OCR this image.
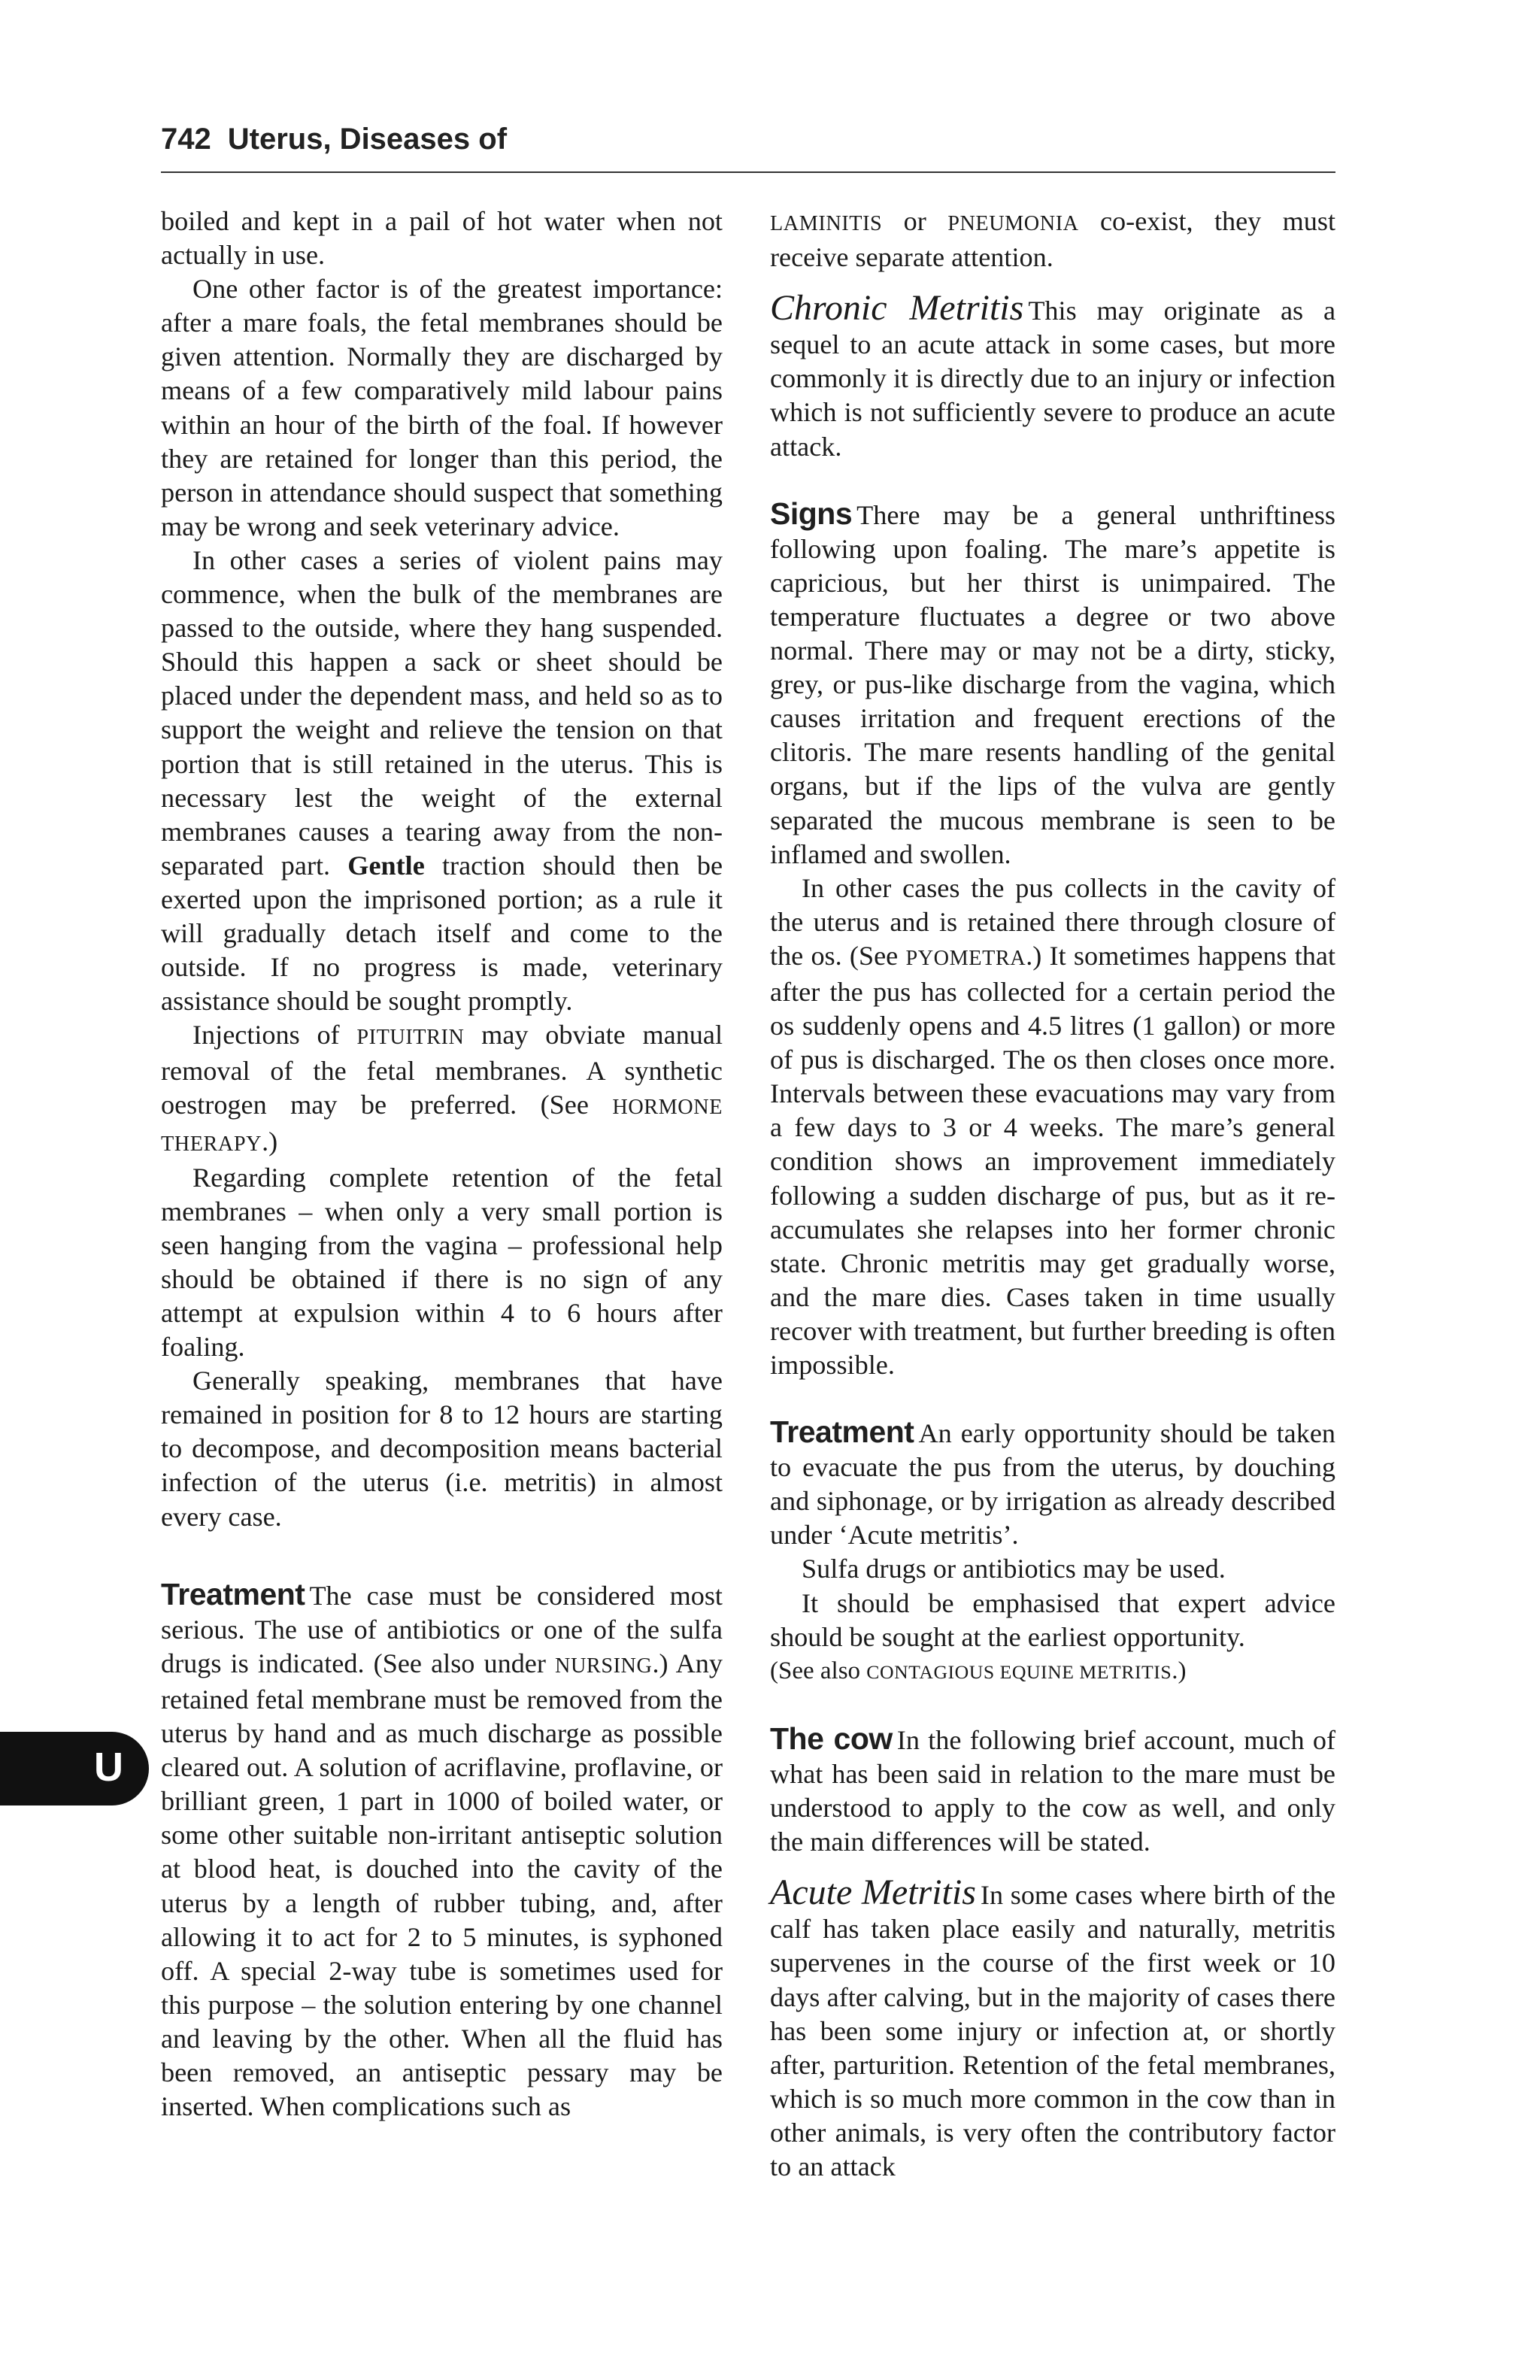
742 Uterus, Diseases of

boiled and kept in a pail of hot water when not actually in use.

One other factor is of the greatest importance: after a mare foals, the fetal membranes should be given attention. Normally they are discharged by means of a few comparatively mild labour pains within an hour of the birth of the foal. If however they are retained for longer than this period, the person in attendance should suspect that something may be wrong and seek veterinary advice.

In other cases a series of violent pains may commence, when the bulk of the membranes are passed to the outside, where they hang suspended. Should this happen a sack or sheet should be placed under the dependent mass, and held so as to support the weight and relieve the tension on that portion that is still retained in the uterus. This is necessary lest the weight of the external membranes causes a tearing away from the non-separated part. Gentle traction should then be exerted upon the imprisoned portion; as a rule it will gradually detach itself and come to the outside. If no progress is made, veterinary assistance should be sought promptly.

Injections of PITUITRIN may obviate manual removal of the fetal membranes. A synthetic oestrogen may be preferred. (See HORMONE THERAPY.)

Regarding complete retention of the fetal membranes – when only a very small portion is seen hanging from the vagina – professional help should be obtained if there is no sign of any attempt at expulsion within 4 to 6 hours after foaling.

Generally speaking, membranes that have remained in position for 8 to 12 hours are starting to decompose, and decomposition means bacterial infection of the uterus (i.e. metritis) in almost every case.

Treatment The case must be considered most serious. The use of antibiotics or one of the sulfa drugs is indicated. (See also under NURSING.) Any retained fetal membrane must be removed from the uterus by hand and as much discharge as possible cleared out. A solution of acriflavine, proflavine, or brilliant green, 1 part in 1000 of boiled water, or some other suitable non-irritant antiseptic solution at blood heat, is douched into the cavity of the uterus by a length of rubber tubing, and, after allowing it to act for 2 to 5 minutes, is syphoned off. A special 2-way tube is sometimes used for this purpose – the solution entering by one channel and leaving by the other. When all the fluid has been removed, an antiseptic pessary may be inserted. When complications such as

LAMINITIS or PNEUMONIA co-exist, they must receive separate attention.

Chronic Metritis This may originate as a sequel to an acute attack in some cases, but more commonly it is directly due to an injury or infection which is not sufficiently severe to produce an acute attack.

Signs There may be a general unthriftiness following upon foaling. The mare’s appetite is capricious, but her thirst is unimpaired. The temperature fluctuates a degree or two above normal. There may or may not be a dirty, sticky, grey, or pus-like discharge from the vagina, which causes irritation and frequent erections of the clitoris. The mare resents handling of the genital organs, but if the lips of the vulva are gently separated the mucous membrane is seen to be inflamed and swollen.

In other cases the pus collects in the cavity of the uterus and is retained there through closure of the os. (See PYOMETRA.) It sometimes happens that after the pus has collected for a certain period the os suddenly opens and 4.5 litres (1 gallon) or more of pus is discharged. The os then closes once more. Intervals between these evacuations may vary from a few days to 3 or 4 weeks. The mare’s general condition shows an improvement immediately following a sudden discharge of pus, but as it re-accumulates she relapses into her former chronic state. Chronic metritis may get gradually worse, and the mare dies. Cases taken in time usually recover with treatment, but further breeding is often impossible.

Treatment An early opportunity should be taken to evacuate the pus from the uterus, by douching and siphonage, or by irrigation as already described under ‘Acute metritis’.

Sulfa drugs or antibiotics may be used.

It should be emphasised that expert advice should be sought at the earliest opportunity.

(See also CONTAGIOUS EQUINE METRITIS.)

The cow In the following brief account, much of what has been said in relation to the mare must be understood to apply to the cow as well, and only the main differences will be stated.

Acute Metritis In some cases where birth of the calf has taken place easily and naturally, metritis supervenes in the course of the first week or 10 days after calving, but in the majority of cases there has been some injury or infection at, or shortly after, parturition. Retention of the fetal membranes, which is so much more common in the cow than in other animals, is very often the contributory factor to an attack

U
